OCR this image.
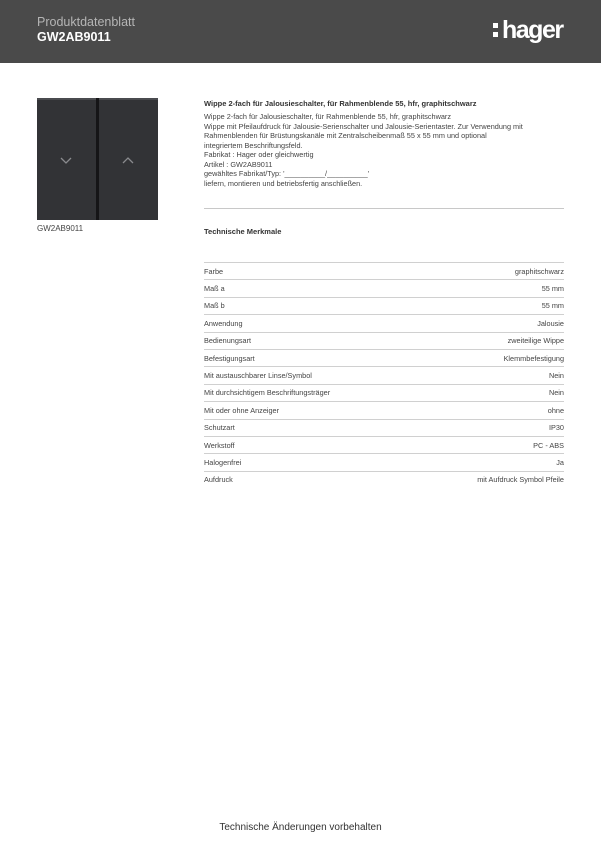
Produktdatenblatt
GW2AB9011	hager
GW2AB9011
Wippe 2-fach für Jalousieschalter, für Rahmenblende 55, hfr, graphitschwarz
Wippe 2-fach für Jalousieschalter, für Rahmenblende 55, hfr, graphitschwarz
Wippe mit Pfeilaufdruck für Jalousie-Serienschalter und Jalousie-Serientaster. Zur Verwendung mit
Rahmenblenden für Brüstungskanäle mit Zentralscheibenmaß 55 x 55 mm und optional
integriertem Beschriftungsfeld.
Fabrikat : Hager oder gleichwertig
Artikel : GW2AB9011
gewähltes Fabrikat/Typ: '__________/__________'
liefern, montieren und betriebsfertig anschließen.
Technische Merkmale
Farbe	graphitschwarz
Maß a	55 mm
Maß b	55 mm
Anwendung	Jalousie
Bedienungsart	zweiteilige Wippe
Befestigungsart	Klemmbefestigung
Mit austauschbarer Linse/Symbol	Nein
Mit durchsichtigem Beschriftungsträger	Nein
Mit oder ohne Anzeiger	ohne
Schutzart	IP30
Werkstoff	PC - ABS
Halogenfrei	Ja
Aufdruck	mit Aufdruck Symbol Pfeile
Technische Änderungen vorbehalten
